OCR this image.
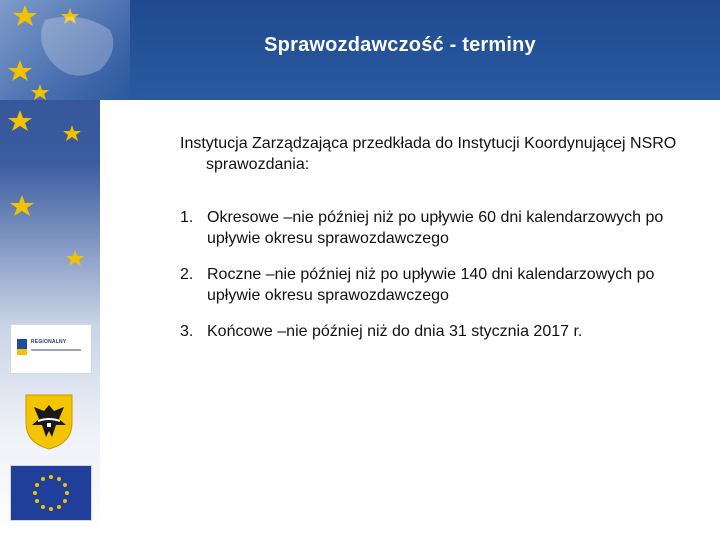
Sprawozdawczość - terminy

Instytucja Zarządzająca przedkłada do Instytucji Koordynującej NSRO sprawozdania:

1. Okresowe –nie później niż po upływie 60 dni kalendarzowych po upływie okresu sprawozdawczego
2. Roczne –nie później niż po upływie 140 dni kalendarzowych po upływie okresu sprawozdawczego
3. Końcowe –nie później niż do dnia 31 stycznia 2017 r.
REGIONALNY
